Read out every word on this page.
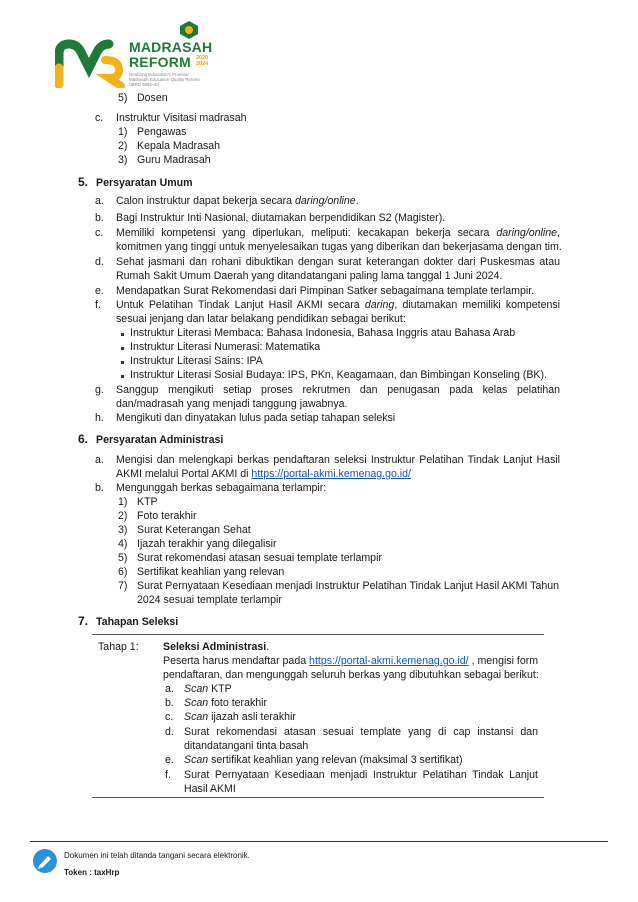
MADRASAH
REFORM 2020
2024
Realizing Education's Promise: Madrasah Education Quality Reform (IBRD 8992-ID)
5) Dosen
c. Instruktur Visitasi madrasah
1) Pengawas
2) Kepala Madrasah
3) Guru Madrasah
5. Persyaratan Umum
a. Calon instruktur dapat bekerja secara daring/online.
b. Bagi Instruktur Inti Nasional, diutamakan berpendidikan S2 (Magister).
c. Memiliki kompetensi yang diperlukan, meliputi: kecakapan bekerja secara daring/online,
komitmen yang tinggi untuk menyelesaikan tugas yang diberikan dan bekerjasama dengan tim.
d. Sehat jasmani dan rohani dibuktikan dengan surat keterangan dokter dari Puskesmas atau
Rumah Sakit Umum Daerah yang ditandatangani paling lama tanggal 1 Juni 2024.
e. Mendapatkan Surat Rekomendasi dari Pimpinan Satker sebagaimana template terlampir.
f. Untuk Pelatihan Tindak Lanjut Hasil AKMI secara daring, diutamakan memiliki kompetensi
sesuai jenjang dan latar belakang pendidikan sebagai berikut:
Instruktur Literasi Membaca: Bahasa Indonesia, Bahasa Inggris atau Bahasa Arab
Instruktur Literasi Numerasi: Matematika
Instruktur Literasi Sains: IPA
Instruktur Literasi Sosial Budaya: IPS, PKn, Keagamaan, dan Bimbingan Konseling (BK).
g. Sanggup mengikuti setiap proses rekrutmen dan penugasan pada kelas pelatihan
dan/madrasah yang menjadi tanggung jawabnya.
h. Mengikuti dan dinyatakan lulus pada setiap tahapan seleksi
6. Persyaratan Administrasi
a. Mengisi dan melengkapi berkas pendaftaran seleksi Instruktur Pelatihan Tindak Lanjut Hasil
AKMI melalui Portal AKMI di https://portal-akmi.kemenag.go.id/
b. Mengunggah berkas sebagaimana terlampir:
1) KTP
2) Foto terakhir
3) Surat Keterangan Sehat
4) Ijazah terakhir yang dilegalisir
5) Surat rekomendasi atasan sesuai template terlampir
6) Sertifikat keahlian yang relevan
7) Surat Pernyataan Kesediaan menjadi Instruktur Pelatihan Tindak Lanjut Hasil AKMI Tahun
2024 sesuai template terlampir
7. Tahapan Seleksi
Tahap 1: Seleksi Administrasi.
Peserta harus mendaftar pada https://portal-akmi.kemenag.go.id/ , mengisi form
pendaftaran, dan mengunggah seluruh berkas yang dibutuhkan sebagai berikut:
a. Scan KTP
b. Scan foto terakhir
c. Scan ijazah asli terakhir
d. Surat rekomendasi atasan sesuai template yang di cap instansi dan
ditandatangani tinta basah
e. Scan sertifikat keahlian yang relevan (maksimal 3 sertifikat)
f. Surat Pernyataan Kesediaan menjadi Instruktur Pelatihan Tindak Lanjut
Hasil AKMI
Dokumen ini telah ditanda tangani secara elektronik.
Token : taxHrp
